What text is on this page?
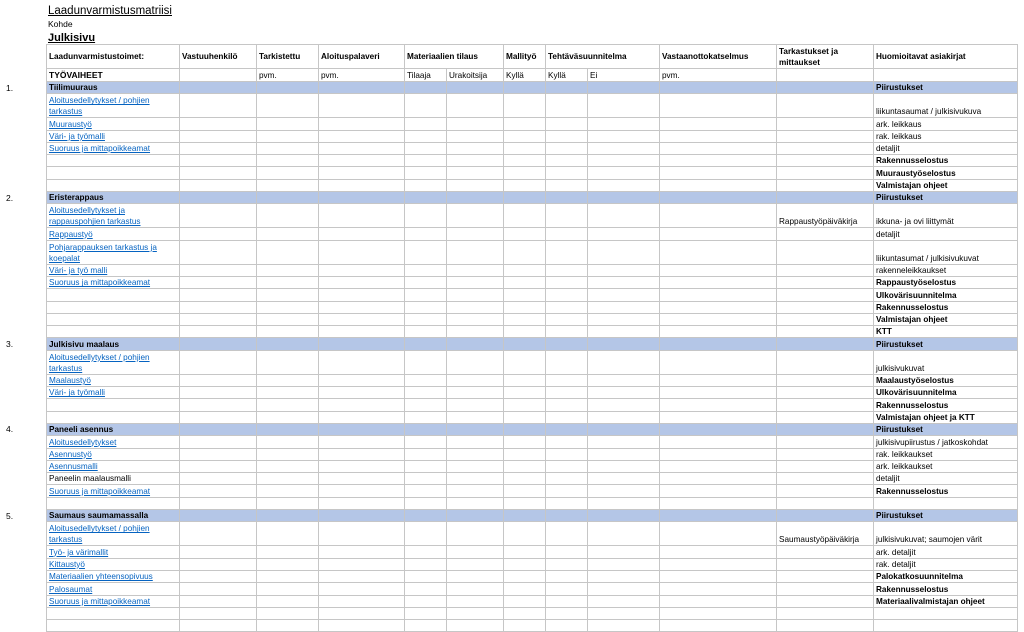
Laadunvarmistusmatriisi
Kohde
Julkisivu
Laadunvarmistustoimet:	Vastuuhenkilö	Tarkistettu	Aloituspalaveri	Materiaalien tilaus		Mallityö	Tehtäväsuunnitelma		Vastaanottokatselmus	Tarkastukset ja mittaukset	Huomioitavat asiakirjat
TYÖVAIHEET		pvm.	pvm.	Tilaaja	Urakoitsija	Kyllä	Kyllä	Ei	pvm.		
Tiilimuuraus											Piirustukset
Aloitusedellytykset / pohjien tarkastus											liikuntasaumat / julkisivukuva
Muuraustyö											ark. leikkaus
Väri- ja työmalli											rak. leikkaus
Suoruus ja mittapoikkeamat											detaljit
											Rakennusselostus
											Muuraustyöselostus
											Valmistajan ohjeet
Eristerappaus											Piirustukset
Aloitusedellytykset ja rappauspohjien tarkastus										Rappaustyöpäiväkirja	ikkuna- ja ovi liittymät
Rappaustyö											detaljit
Pohjarappauksen tarkastus ja koepalat											liikuntasumat / julkisivukuvat
Väri- ja työ malli											rakenneleikkaukset
Suoruus ja mittapoikkeamat											Rappaustyöselostus
											Ulkovärisuunnitelma
											Rakennusselostus
											Valmistajan ohjeet
											KTT
Julkisivu maalaus											Piirustukset
Aloitusedellytykset / pohjien tarkastus											julkisivukuvat
Maalaustyö											Maalaustyöselostus
Väri- ja työmalli											Ulkovärisuunnitelma
											Rakennusselostus
											Valmistajan ohjeet ja KTT
Paneeli asennus											Piirustukset
Aloitusedellytykset											julkisivupiirustus / jatkoskohdat
Asennustyö											rak. leikkaukset
Asennusmalli											ark. leikkaukset
Paneelin maalausmalli											detaljit
Suoruus ja mittapoikkeamat											Rakennusselostus

Saumaus saumamassalla											Piirustukset
Aloitusedellytykset / pohjien tarkastus										Saumaustyöpäiväkirja	julkisivukuvat; saumojen värit
Työ- ja värimallit											ark. detaljit
Kittaustyö											rak. detaljit
Materiaalien yhteensopivuus											Palokatkosuunnitelma
Palosaumat											Rakennusselostus
Suoruus ja mittapoikkeamat											Materiaalivalmistajan ohjeet

1.
2.
3.
4.
5.
